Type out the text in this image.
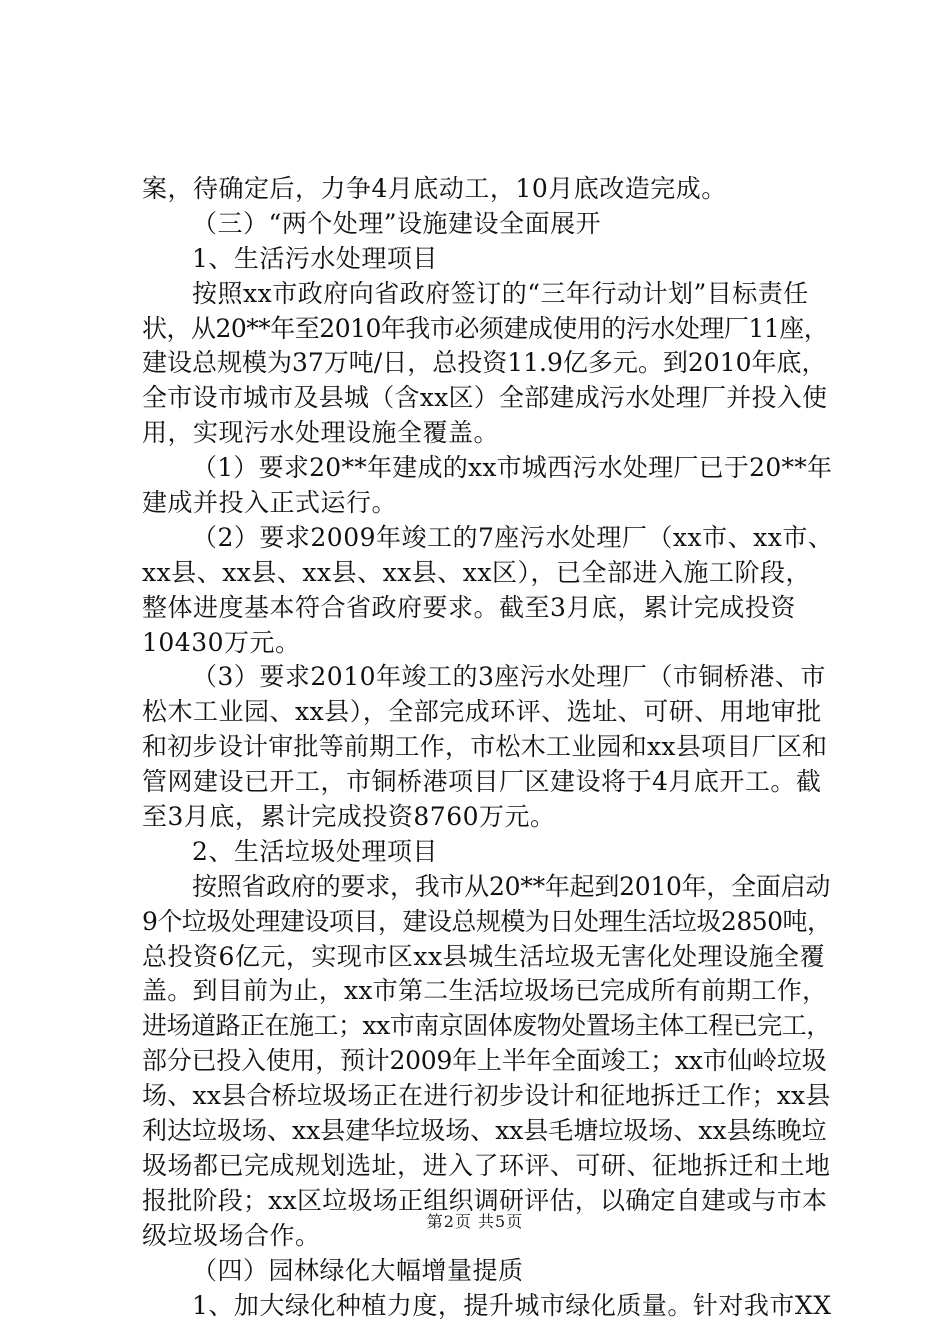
案，待确定后，力争4月底动工，10月底改造完成。
（三）“两个处理”设施建设全面展开
1、生活污水处理项目
按照xx市政府向省政府签订的“三年行动计划”目标责任
状，从20**年至2010年我市必须建成使用的污水处理厂11座，
建设总规模为37万吨/日，总投资11.9亿多元。到2010年底，
全市设市城市及县城（含xx区）全部建成污水处理厂并投入使
用，实现污水处理设施全覆盖。
（1）要求20**年建成的xx市城西污水处理厂已于20**年
建成并投入正式运行。
（2）要求2009年竣工的7座污水处理厂（xx市、xx市、
xx县、xx县、xx县、xx县、xx区），已全部进入施工阶段，
整体进度基本符合省政府要求。截至3月底，累计完成投资
10430万元。
（3）要求2010年竣工的3座污水处理厂（市铜桥港、市
松木工业园、xx县），全部完成环评、选址、可研、用地审批
和初步设计审批等前期工作，市松木工业园和xx县项目厂区和
管网建设已开工，市铜桥港项目厂区建设将于4月底开工。截
至3月底，累计完成投资8760万元。
2、生活垃圾处理项目
按照省政府的要求，我市从20**年起到2010年，全面启动
9个垃圾处理建设项目，建设总规模为日处理生活垃圾2850吨，
总投资6亿元，实现市区xx县城生活垃圾无害化处理设施全覆
盖。到目前为止，xx市第二生活垃圾场已完成所有前期工作，
进场道路正在施工；xx市南京固体废物处置场主体工程已完工，
部分已投入使用，预计2009年上半年全面竣工；xx市仙岭垃圾
场、xx县合桥垃圾场正在进行初步设计和征地拆迁工作；xx县
利达垃圾场、xx县建华垃圾场、xx县毛塘垃圾场、xx县练晚垃
圾场都已完成规划选址，进入了环评、可研、征地拆迁和土地
报批阶段；xx区垃圾场正组织调研评估，以确定自建或与市本
级垃圾场合作。
（四）园林绿化大幅增量提质
1、加大绿化种植力度，提升城市绿化质量。针对我市XX
第2页 共5页
